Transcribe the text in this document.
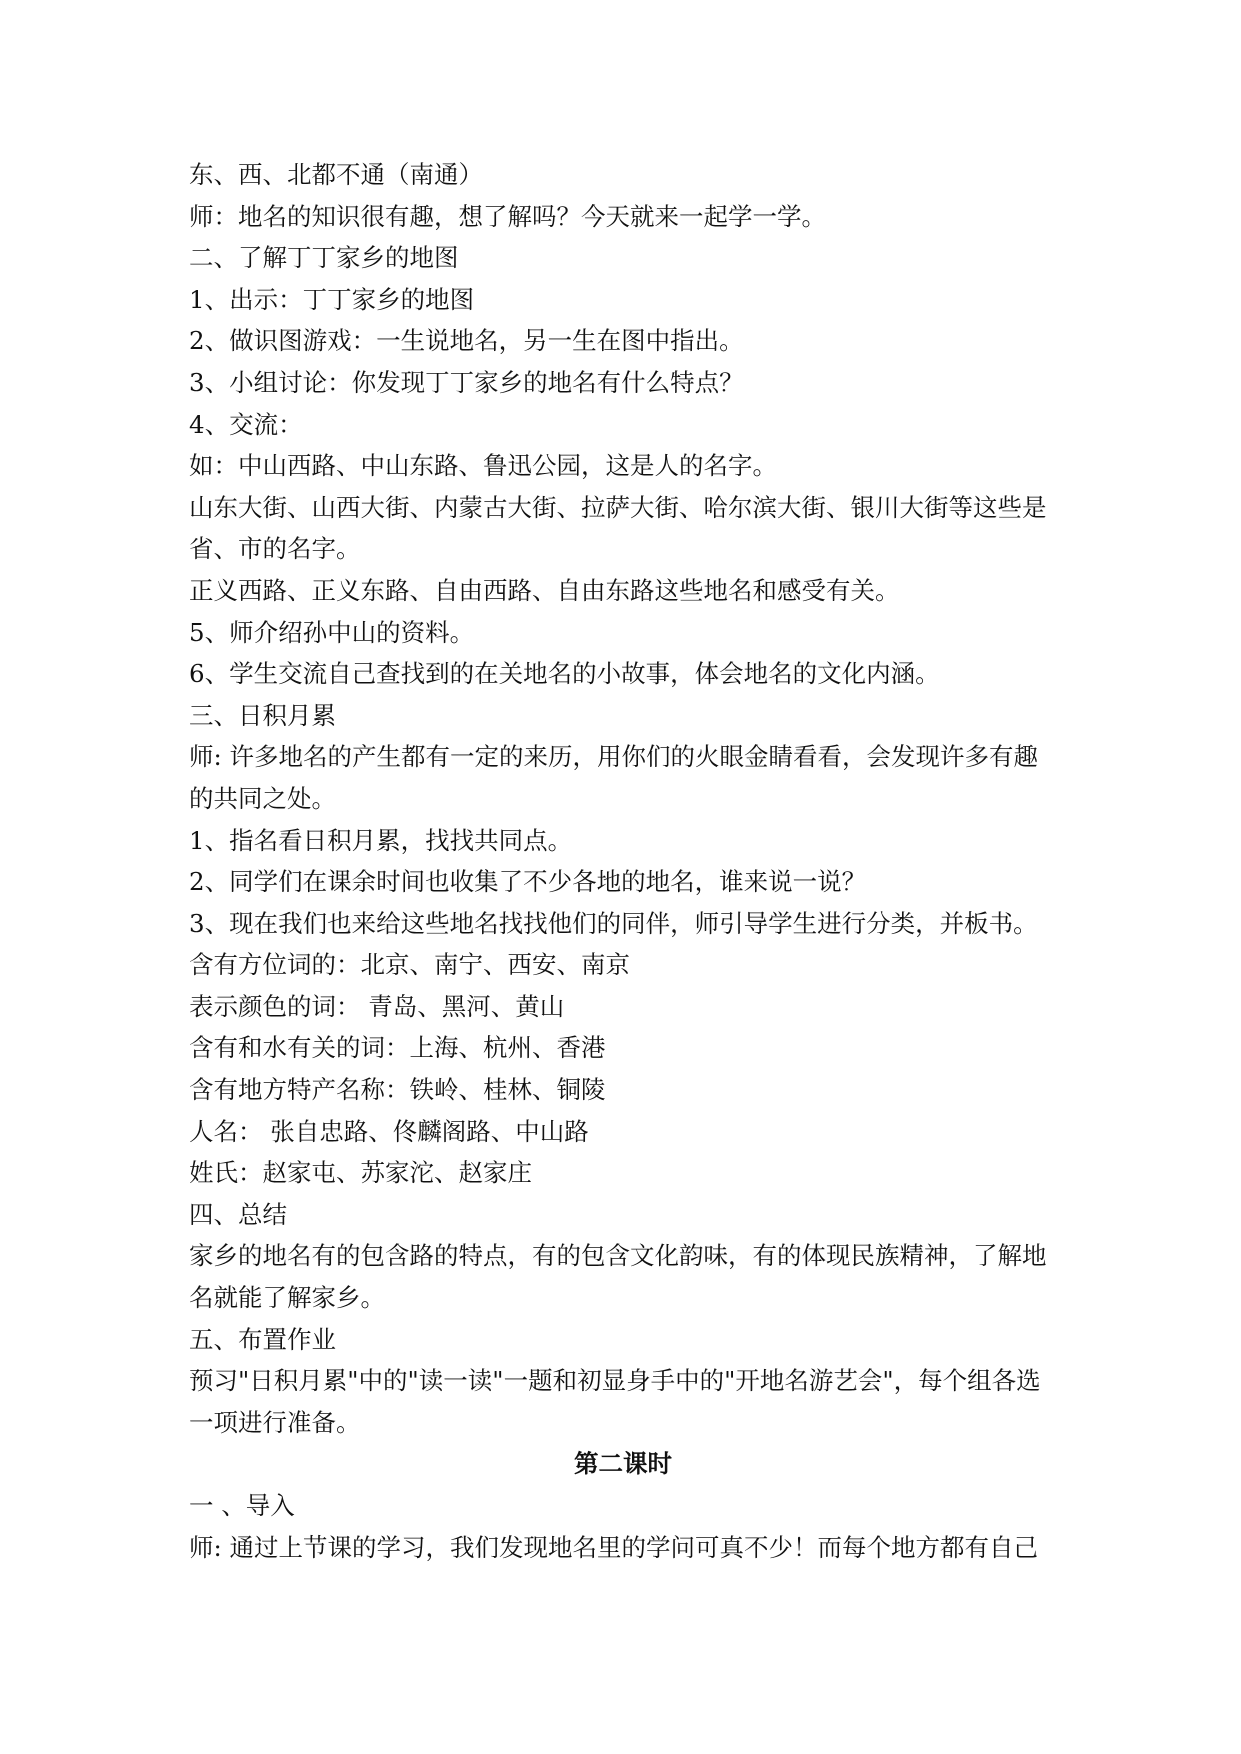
东、西、北都不通（南通）
师：地名的知识很有趣，想了解吗？今天就来一起学一学。
二、了解丁丁家乡的地图
1、出示：丁丁家乡的地图
2、做识图游戏：一生说地名，另一生在图中指出。
3、小组讨论：你发现丁丁家乡的地名有什么特点？
4、交流：
如：中山西路、中山东路、鲁迅公园，这是人的名字。
山东大街、山西大街、内蒙古大街、拉萨大街、哈尔滨大街、银川大街等这些是
省、市的名字。
正义西路、正义东路、自由西路、自由东路这些地名和感受有关。
5、师介绍孙中山的资料。
6、学生交流自己查找到的在关地名的小故事，体会地名的文化内涵。
三、日积月累
师: 许多地名的产生都有一定的来历，用你们的火眼金睛看看，会发现许多有趣
的共同之处。
1、指名看日积月累，找找共同点。
2、同学们在课余时间也收集了不少各地的地名，谁来说一说？
3、现在我们也来给这些地名找找他们的同伴，师引导学生进行分类，并板书。
含有方位词的：北京、南宁、西安、南京
表示颜色的词： 青岛、黑河、黄山
含有和水有关的词：上海、杭州、香港
含有地方特产名称：铁岭、桂林、铜陵
人名： 张自忠路、佟麟阁路、中山路
姓氏：赵家屯、苏家沱、赵家庄
四、总结
家乡的地名有的包含路的特点，有的包含文化韵味，有的体现民族精神，了解地
名就能了解家乡。
五、布置作业
预习"日积月累"中的"读一读"一题和初显身手中的"开地名游艺会"，每个组各选
一项进行准备。
第二课时
一 、导入
师: 通过上节课的学习，我们发现地名里的学问可真不少！而每个地方都有自己
